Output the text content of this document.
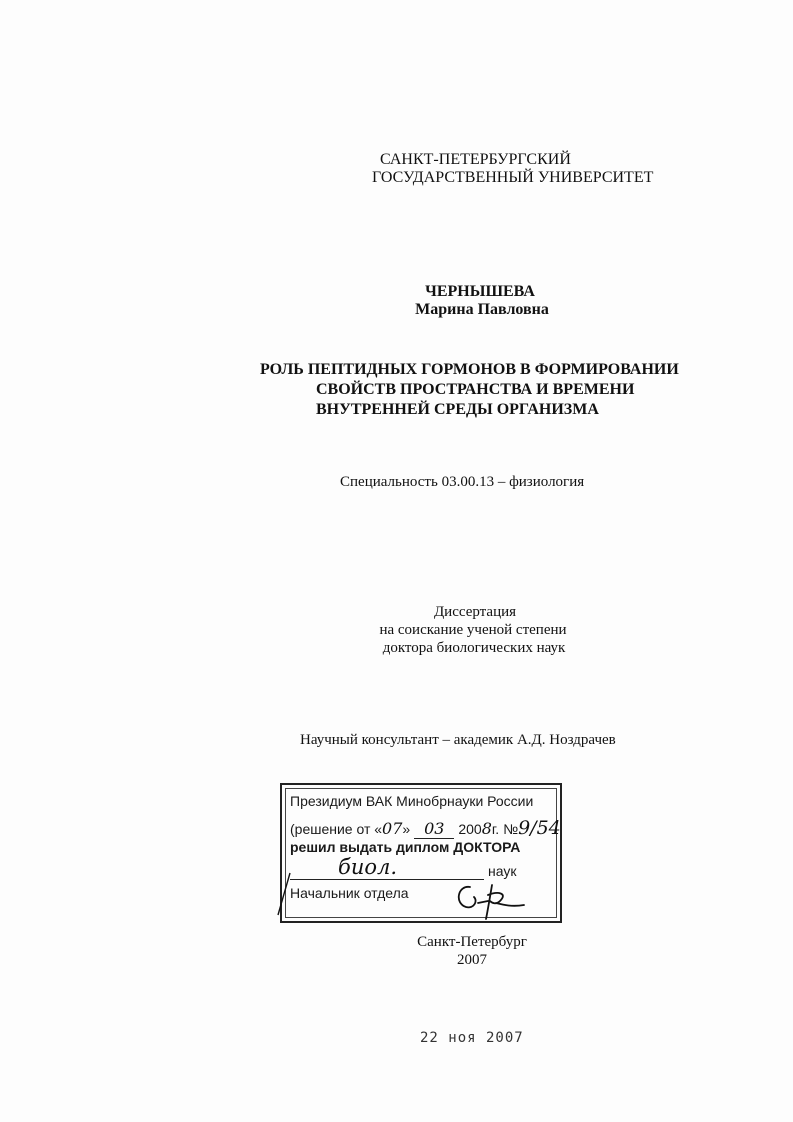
САНКТ-ПЕТЕРБУРГСКИЙ
ГОСУДАРСТВЕННЫЙ УНИВЕРСИТЕТ
ЧЕРНЫШЕВА
Марина Павловна
РОЛЬ ПЕПТИДНЫХ ГОРМОНОВ В ФОРМИРОВАНИИ
СВОЙСТВ ПРОСТРАНСТВА И ВРЕМЕНИ
ВНУТРЕННЕЙ СРЕДЫ ОРГАНИЗМА
Специальность 03.00.13 – физиология
Диссертация
на соискание ученой степени
доктора биологических наук
Научный консультант – академик А.Д. Ноздрачев
Президиум ВАК Минобрнауки России
(решение от «07» 03 2008г. №9/54
решил выдать диплом ДОКТОРА
биол.	наук
Начальник отдела
Санкт-Петербург
2007
22 ноя 2007
